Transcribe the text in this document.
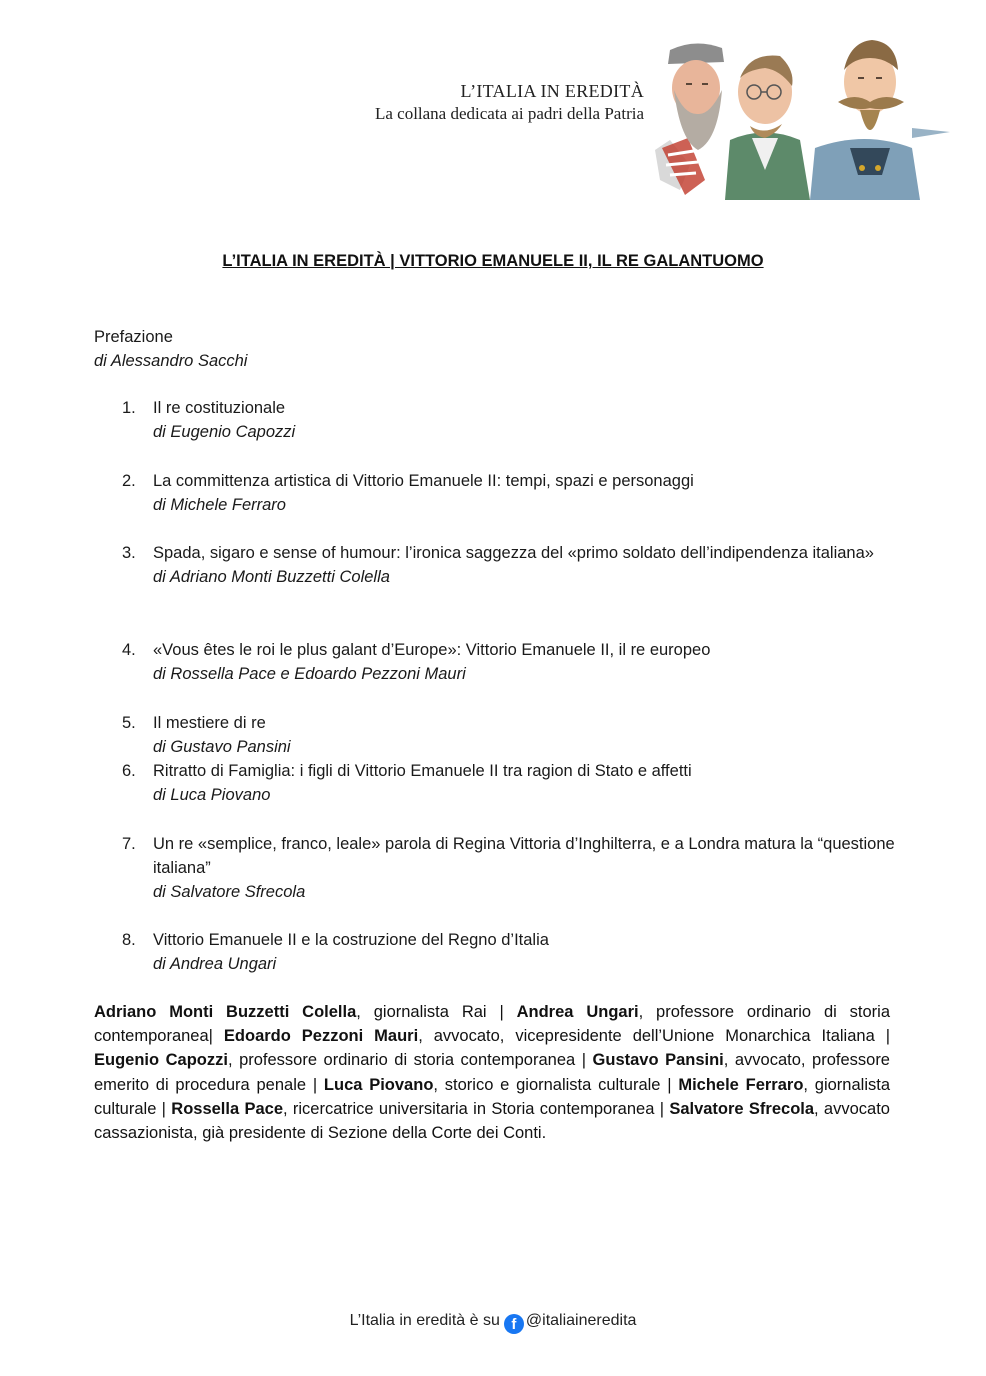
L’ITALIA IN EREDITÀ
La collana dedicata ai padri della Patria
L’ITALIA IN EREDITÀ | VITTORIO EMANUELE II, IL RE GALANTUOMO
Prefazione
di Alessandro Sacchi
1.	Il re costituzionale
di Eugenio Capozzi
2.	La committenza artistica di Vittorio Emanuele II: tempi, spazi e personaggi
di Michele Ferraro
3.	Spada, sigaro e sense of humour: l’ironica saggezza del «primo soldato dell’indipendenza italiana»
di Adriano Monti Buzzetti Colella
4.	«Vous êtes le roi le plus galant d’Europe»: Vittorio Emanuele II, il re europeo
di Rossella Pace e Edoardo Pezzoni Mauri
5.	Il mestiere di re
di Gustavo Pansini
6.	Ritratto di Famiglia: i figli di Vittorio Emanuele II tra ragion di Stato e affetti
di Luca Piovano
7.	Un re «semplice, franco, leale» parola di Regina Vittoria d’Inghilterra, e a Londra matura la “questione italiana”
di Salvatore Sfrecola
8.	Vittorio Emanuele II e la costruzione del Regno d’Italia
di Andrea Ungari
Adriano Monti Buzzetti Colella, giornalista Rai | Andrea Ungari, professore ordinario di storia contemporanea| Edoardo Pezzoni Mauri, avvocato, vicepresidente dell’Unione Monarchica Italiana | Eugenio Capozzi, professore ordinario di storia contemporanea | Gustavo Pansini, avvocato, professore emerito di procedura penale | Luca Piovano, storico e giornalista culturale | Michele Ferraro, giornalista culturale | Rossella Pace, ricercatrice universitaria in Storia contemporanea | Salvatore Sfrecola, avvocato cassazionista, già presidente di Sezione della Corte dei Conti.
L’Italia in eredità è su f @italiaineredita
